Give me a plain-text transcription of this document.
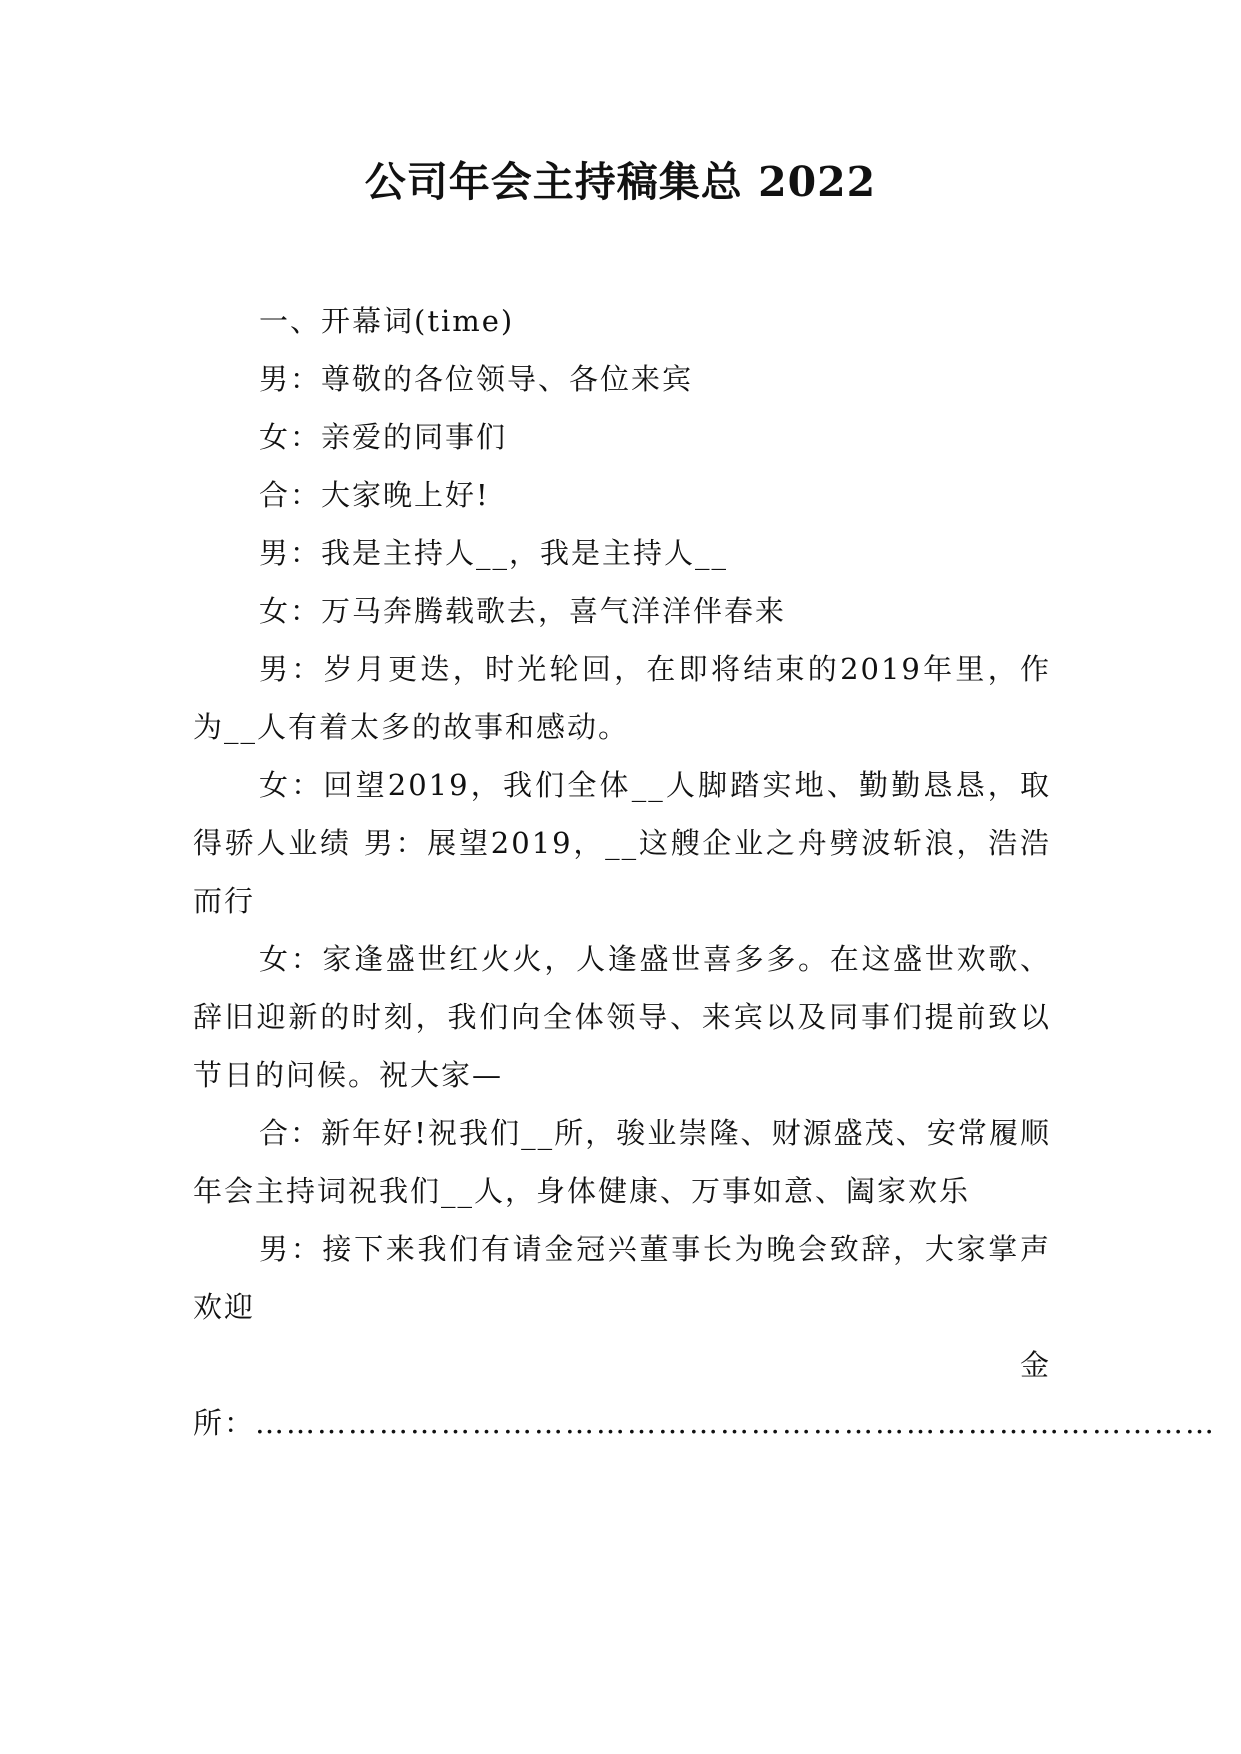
公司年会主持稿集总 2022

一、开幕词(time)

男：尊敬的各位领导、各位来宾

女：亲爱的同事们

合：大家晚上好!

男：我是主持人__，我是主持人__

女：万马奔腾载歌去，喜气洋洋伴春来

男：岁月更迭，时光轮回，在即将结束的2019年里，作为__人有着太多的故事和感动。

女：回望2019，我们全体__人脚踏实地、勤勤恳恳，取得骄人业绩 男：展望2019，__这艘企业之舟劈波斩浪，浩浩而行

女：家逢盛世红火火，人逢盛世喜多多。在这盛世欢歌、辞旧迎新的时刻，我们向全体领导、来宾以及同事们提前致以节日的问候。祝大家—

合：新年好!祝我们__所，骏业崇隆、财源盛茂、安常履顺年会主持词祝我们__人，身体健康、万事如意、阖家欢乐

男：接下来我们有请金冠兴董事长为晚会致辞，大家掌声欢迎

金

所：…………………………………………………………………………………
